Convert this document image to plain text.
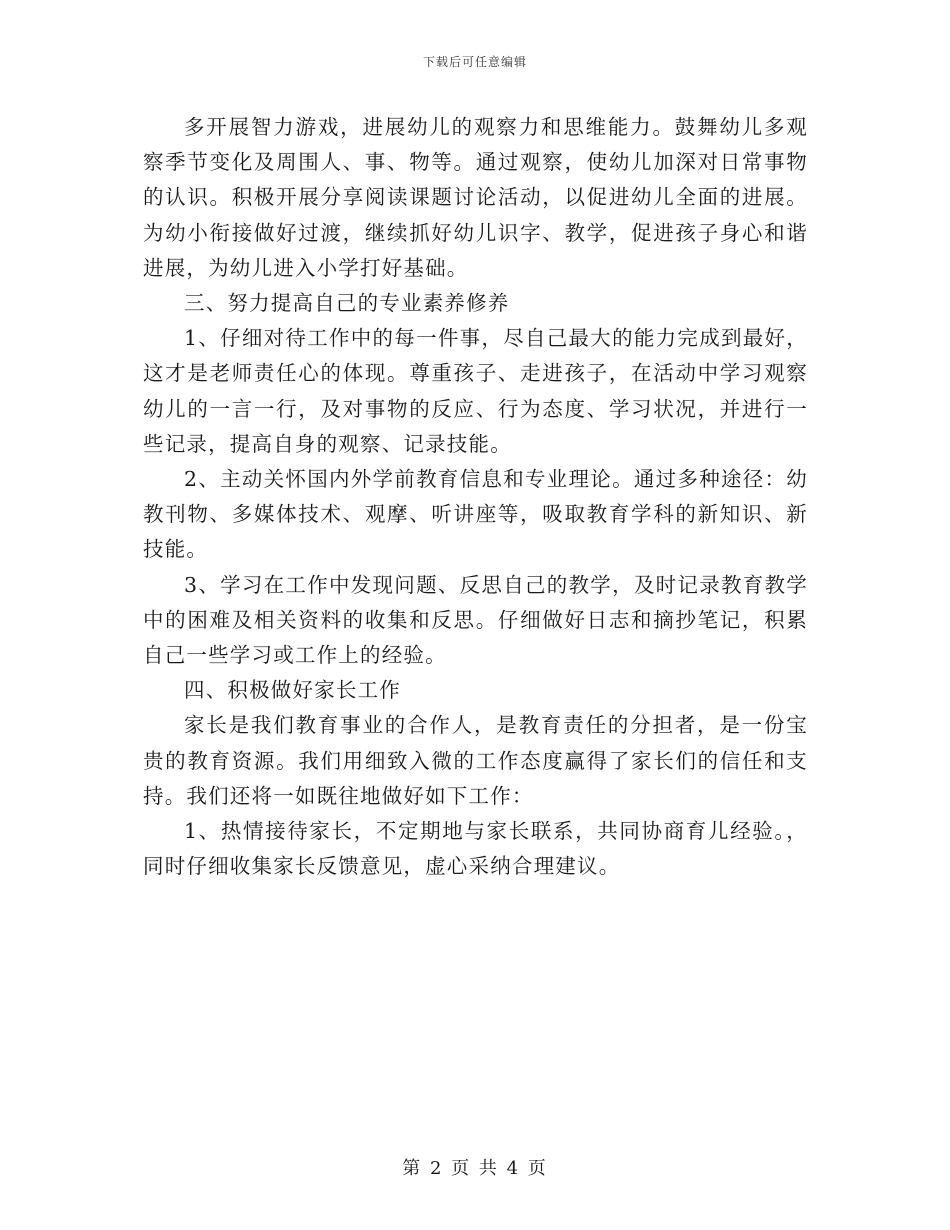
下载后可任意编辑

多开展智力游戏，进展幼儿的观察力和思维能力。鼓舞幼儿多观察季节变化及周围人、事、物等。通过观察，使幼儿加深对日常事物的认识。积极开展分享阅读课题讨论活动，以促进幼儿全面的进展。为幼小衔接做好过渡，继续抓好幼儿识字、教学，促进孩子身心和谐进展，为幼儿进入小学打好基础。

三、努力提高自己的专业素养修养

1、仔细对待工作中的每一件事，尽自己最大的能力完成到最好，这才是老师责任心的体现。尊重孩子、走进孩子，在活动中学习观察幼儿的一言一行，及对事物的反应、行为态度、学习状况，并进行一些记录，提高自身的观察、记录技能。

2、主动关怀国内外学前教育信息和专业理论。通过多种途径：幼教刊物、多媒体技术、观摩、听讲座等，吸取教育学科的新知识、新技能。

3、学习在工作中发现问题、反思自己的教学，及时记录教育教学中的困难及相关资料的收集和反思。仔细做好日志和摘抄笔记，积累自己一些学习或工作上的经验。

四、积极做好家长工作

家长是我们教育事业的合作人，是教育责任的分担者，是一份宝贵的教育资源。我们用细致入微的工作态度赢得了家长们的信任和支持。我们还将一如既往地做好如下工作：

1、热情接待家长，不定期地与家长联系，共同协商育儿经验。，同时仔细收集家长反馈意见，虚心采纳合理建议。

第 2 页 共 4 页
